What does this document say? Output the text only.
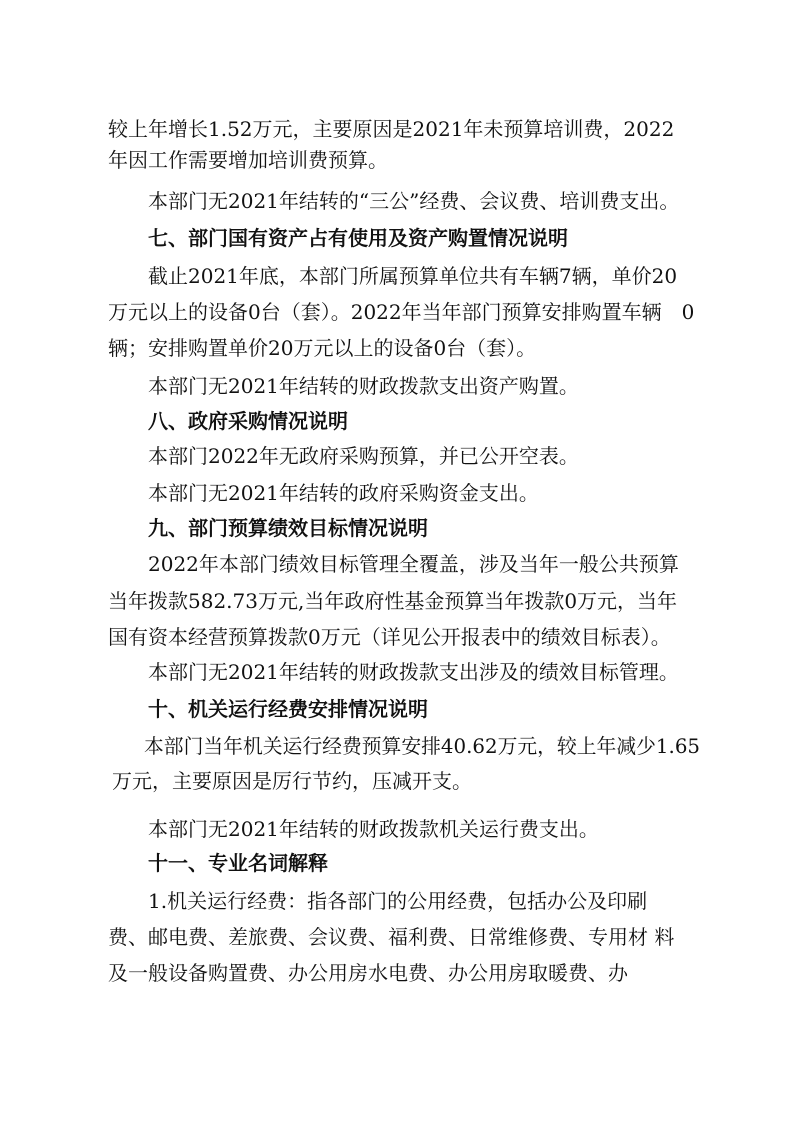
较上年增长1.52万元，主要原因是2021年未预算培训费，2022
年因工作需要增加培训费预算。
本部门无2021年结转的“三公”经费、会议费、培训费支出。
七、部门国有资产占有使用及资产购置情况说明
截止2021年底，本部门所属预算单位共有车辆7辆，单价20
万元以上的设备0台（套）。2022年当年部门预算安排购置车辆　0
辆；安排购置单价20万元以上的设备0台（套）。
本部门无2021年结转的财政拨款支出资产购置。
八、政府采购情况说明
本部门2022年无政府采购预算，并已公开空表。
本部门无2021年结转的政府采购资金支出。
九、部门预算绩效目标情况说明
2022年本部门绩效目标管理全覆盖，涉及当年一般公共预算
当年拨款582.73万元,当年政府性基金预算当年拨款0万元，当年
国有资本经营预算拨款0万元（详见公开报表中的绩效目标表）。
本部门无2021年结转的财政拨款支出涉及的绩效目标管理。
十、机关运行经费安排情况说明
本部门当年机关运行经费预算安排40.62万元，较上年减少1.65
万元，主要原因是厉行节约，压减开支。
本部门无2021年结转的财政拨款机关运行费支出。
十一、专业名词解释
1.机关运行经费：指各部门的公用经费，包括办公及印刷
费、邮电费、差旅费、会议费、福利费、日常维修费、专用材 料
及一般设备购置费、办公用房水电费、办公用房取暖费、办
